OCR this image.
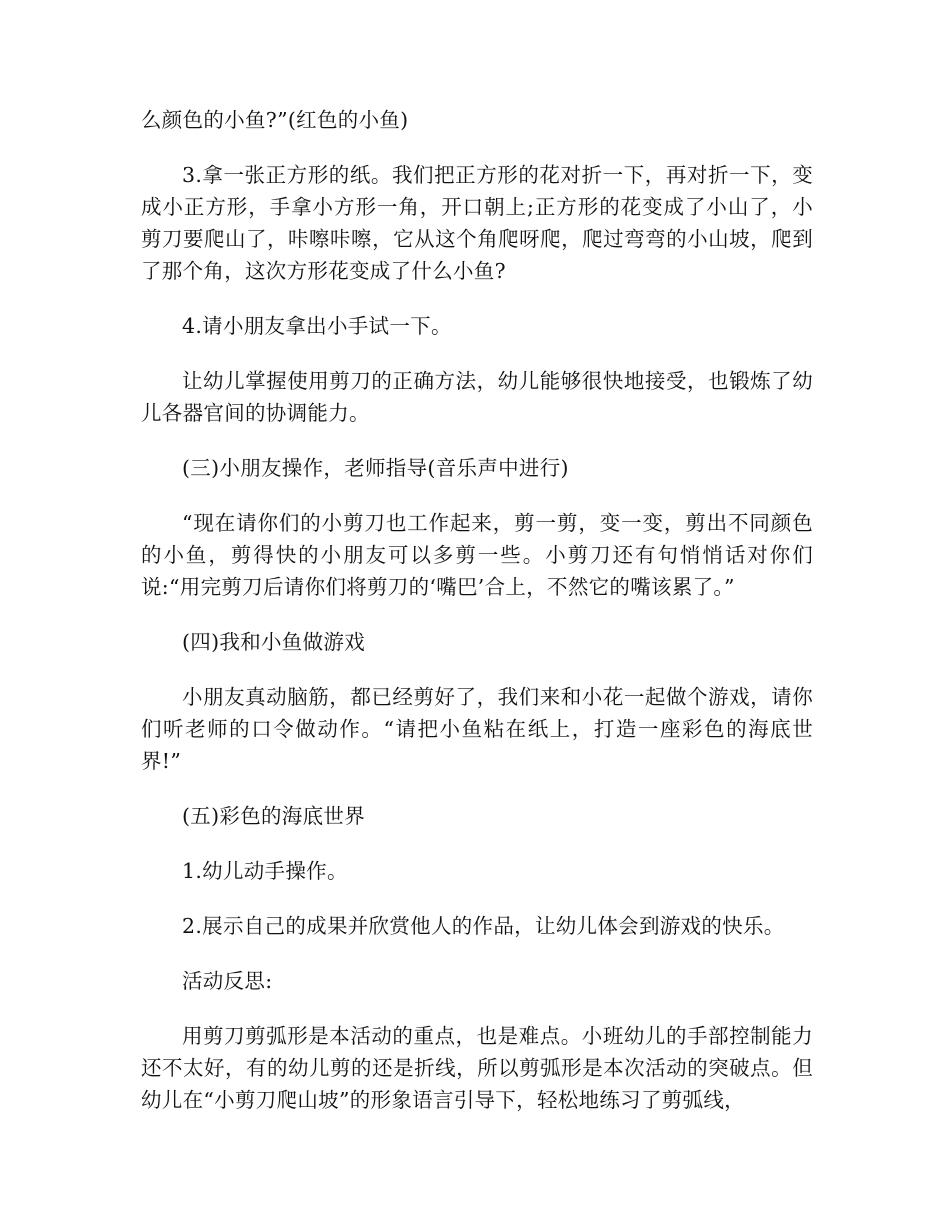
么颜色的小鱼?”(红色的小鱼)

3.拿一张正方形的纸。我们把正方形的花对折一下，再对折一下，变成小正方形，手拿小方形一角，开口朝上;正方形的花变成了小山了，小剪刀要爬山了，咔嚓咔嚓，它从这个角爬呀爬，爬过弯弯的小山坡，爬到了那个角，这次方形花变成了什么小鱼?

4.请小朋友拿出小手试一下。

让幼儿掌握使用剪刀的正确方法，幼儿能够很快地接受，也锻炼了幼儿各器官间的协调能力。

(三)小朋友操作，老师指导(音乐声中进行)

“现在请你们的小剪刀也工作起来，剪一剪，变一变，剪出不同颜色的小鱼，剪得快的小朋友可以多剪一些。小剪刀还有句悄悄话对你们说:“用完剪刀后请你们将剪刀的‘嘴巴’合上，不然它的嘴该累了。”

(四)我和小鱼做游戏

小朋友真动脑筋，都已经剪好了，我们来和小花一起做个游戏，请你们听老师的口令做动作。“请把小鱼粘在纸上，打造一座彩色的海底世界!”

(五)彩色的海底世界

1.幼儿动手操作。

2.展示自己的成果并欣赏他人的作品，让幼儿体会到游戏的快乐。

活动反思:

用剪刀剪弧形是本活动的重点，也是难点。小班幼儿的手部控制能力还不太好，有的幼儿剪的还是折线，所以剪弧形是本次活动的突破点。但幼儿在“小剪刀爬山坡”的形象语言引导下，轻松地练习了剪弧线，
